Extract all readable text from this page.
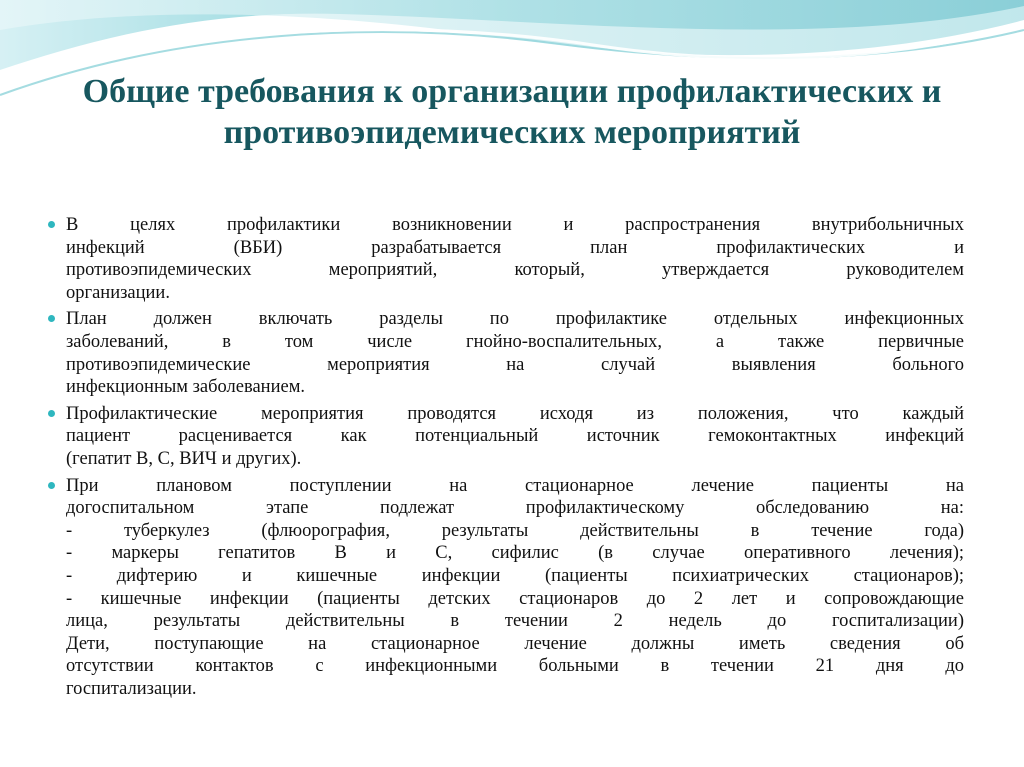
Общие требования к организации профилактических и противоэпидемических мероприятий
В целях профилактики возникновении и распространения внутрибольничных
инфекций (ВБИ) разрабатывается план профилактических и
противоэпидемических мероприятий, который, утверждается руководителем
организации.
План должен включать разделы по профилактике отдельных инфекционных
заболеваний, в том числе гнойно-воспалительных, а также первичные
противоэпидемические мероприятия на случай выявления больного
инфекционным заболеванием.
Профилактические мероприятия проводятся исходя из положения, что каждый
пациент расценивается как потенциальный источник гемоконтактных инфекций
(гепатит В, С, ВИЧ и других).
При плановом поступлении на стационарное лечение пациенты на
догоспитальном этапе подлежат профилактическому обследованию на:
- туберкулез (флюорография, результаты действительны в течение года)
- маркеры гепатитов В и С, сифилис (в случае оперативного лечения);
- дифтерию и кишечные инфекции (пациенты психиатрических стационаров);
- кишечные инфекции (пациенты детских стационаров до 2 лет и сопровождающие
лица, результаты действительны в течении 2 недель до госпитализации)
Дети, поступающие на стационарное лечение должны иметь сведения об
отсутствии контактов с инфекционными больными в течении 21 дня до
госпитализации.
